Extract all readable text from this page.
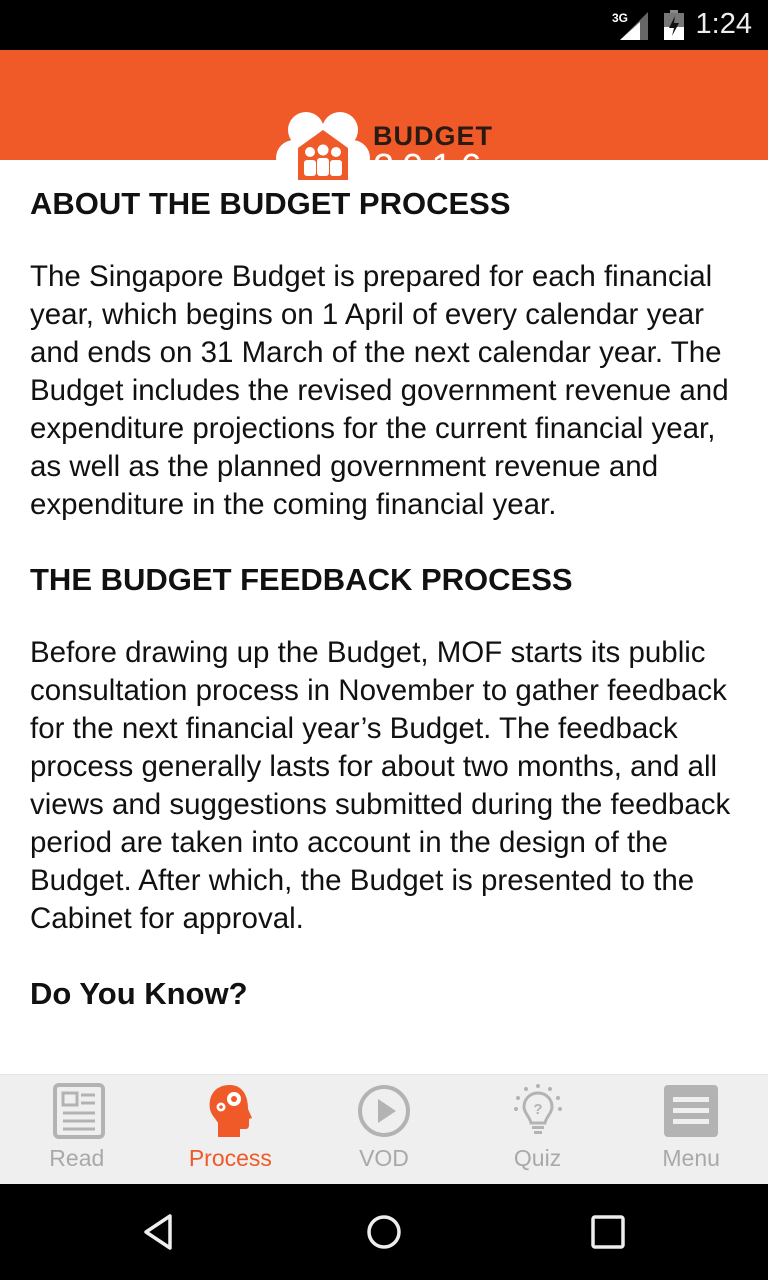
3G 1:24
BUDGET
2016
ABOUT THE BUDGET PROCESS

The Singapore Budget is prepared for each financial year, which begins on 1 April of every calendar year and ends on 31 March of the next calendar year. The Budget includes the revised government revenue and expenditure projections for the current financial year, as well as the planned government revenue and expenditure in the coming financial year.

THE BUDGET FEEDBACK PROCESS

Before drawing up the Budget, MOF starts its public consultation process in November to gather feedback for the next financial year’s Budget. The feedback process generally lasts for about two months, and all views and suggestions submitted during the feedback period are taken into account in the design of the Budget. After which, the Budget is presented to the Cabinet for approval.

Do You Know?
Read	Process	VOD
?
Quiz	Menu
